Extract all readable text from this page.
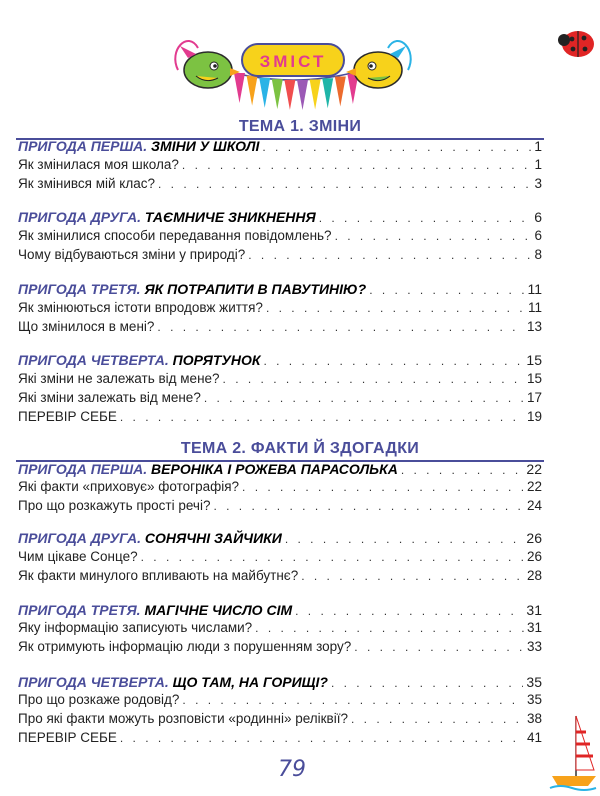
ЗМІСТ
ТЕМА 1. ЗМІНИ
ТЕМА 2. ФАКТИ Й ЗДОГАДКИ
ПРИГОДА ПЕРША. ЗМІНИ У ШКОЛІ . . .	1
Як змінилася моя школа? . . .	1
Як змінився мій клас? . . .	3
ПРИГОДА ДРУГА. ТАЄМНИЧЕ ЗНИКНЕННЯ . . .	6
Як змінилися способи передавання повідомлень? . . .	6
Чому відбуваються зміни у природі? . . .	8
ПРИГОДА ТРЕТЯ. ЯК ПОТРАПИТИ В ПАВУТИНІЮ? . . .	11
Як змінюються істоти впродовж життя? . . .	11
Що змінилося в мені? . . .	13
ПРИГОДА ЧЕТВЕРТА. ПОРЯТУНОК . . .	15
Які зміни не залежать від мене? . . .	15
Які зміни залежать від мене? . . .	17
ПЕРЕВІР СЕБЕ . . .	19
ПРИГОДА ПЕРША. ВЕРОНІКА І РОЖЕВА ПАРАСОЛЬКА . . .	22
Які факти «приховує» фотографія? . . .	22
Про що розкажуть прості речі? . . .	24
ПРИГОДА ДРУГА. СОНЯЧНІ ЗАЙЧИКИ . . .	26
Чим цікаве Сонце? . . .	26
Як факти минулого впливають на майбутнє? . . .	28
ПРИГОДА ТРЕТЯ. МАГІЧНЕ ЧИСЛО СІМ . . .	31
Яку інформацію записують числами? . . .	31
Як отримують інформацію люди з порушенням зору? . . .	33
ПРИГОДА ЧЕТВЕРТА. ЩО ТАМ, НА ГОРИЩІ? . . .	35
Про що розкаже родовід? . . .	35
Про які факти можуть розповісти «родинні» реліквії? . . .	38
ПЕРЕВІР СЕБЕ . . .	41
79
